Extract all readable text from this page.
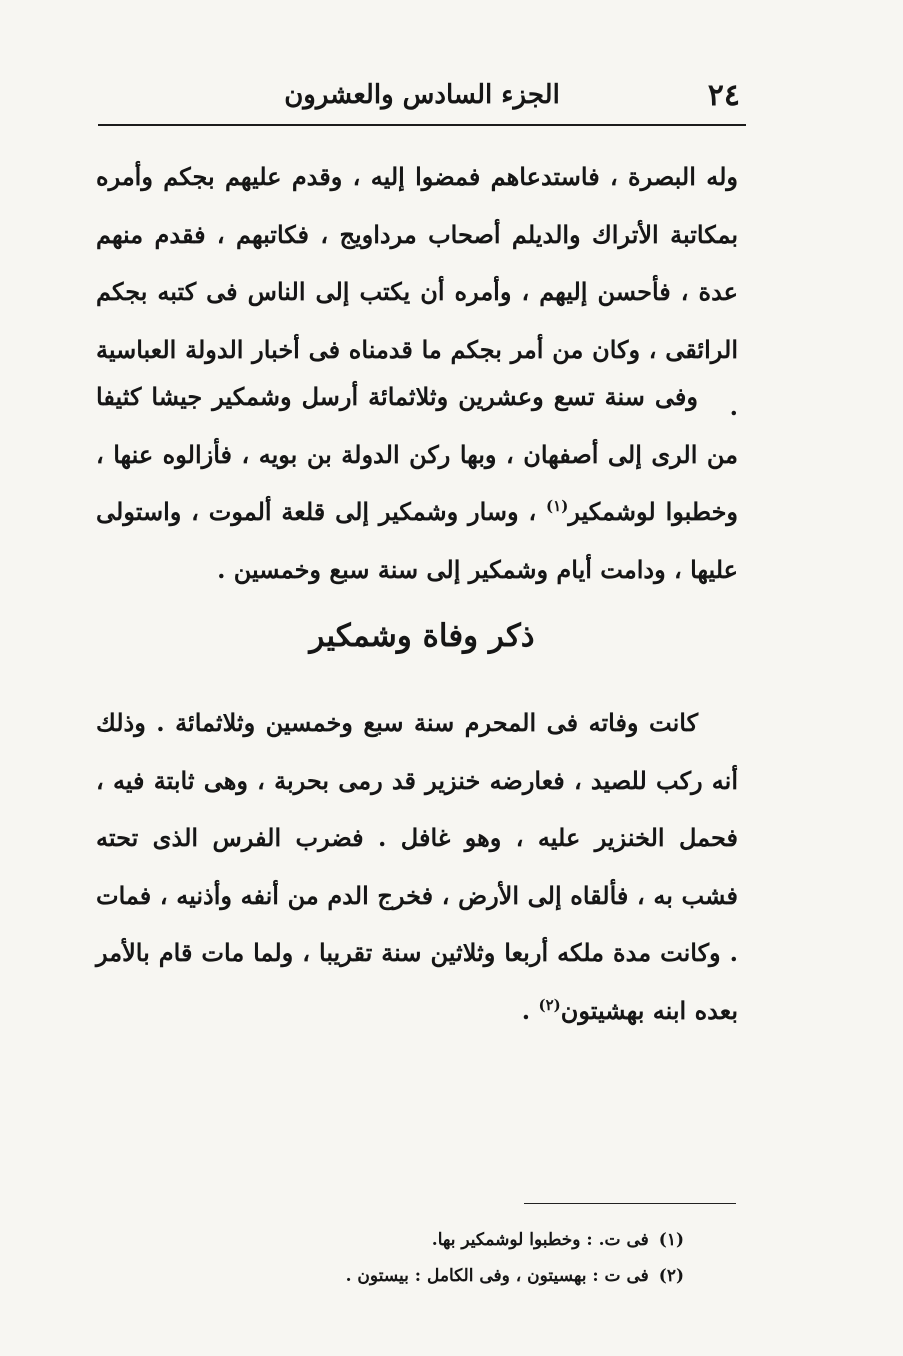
٢٤
الجزء السادس والعشرون

وله البصرة ، فاستدعاهم فمضوا إليه ، وقدم عليهم بجكم وأمره بمكاتبة الأتراك والديلم أصحاب مرداويج ، فكاتبهم ، فقدم منهم عدة ، فأحسن إليهم ، وأمره أن يكتب إلى الناس فى كتبه بجكم الرائقى ، وكان من أمر بجكم ما قدمناه فى أخبار الدولة العباسية .

وفى سنة تسع وعشرين وثلاثمائة أرسل وشمكير جيشا كثيفا من الرى إلى أصفهان ، وبها ركن الدولة بن بويه ، فأزالوه عنها ، وخطبوا لوشمكير$^{(١)}$ ، وسار وشمكير إلى قلعة ألموت ، واستولى عليها ، ودامت أيام وشمكير إلى سنة سبع وخمسين .

ذكر وفاة وشمكير

كانت وفاته فى المحرم سنة سبع وخمسين وثلاثمائة . وذلك أنه ركب للصيد ، فعارضه خنزير قد رمى بحربة ، وهى ثابتة فيه ، فحمل الخنزير عليه ، وهو غافل . فضرب الفرس الذى تحته فشب به ، فألقاه إلى الأرض ، فخرج الدم من أنفه وأذنيه ، فمات . وكانت مدة ملكه أربعا وثلاثين سنة تقريبا ، ولما مات قام بالأمر بعده ابنه بهشيتون$^{(٢)}$ .

(١)فى ت. : وخطبوا لوشمكير بها.
(٢)فى ت : بهسيتون ، وفى الكامل : بيستون .
